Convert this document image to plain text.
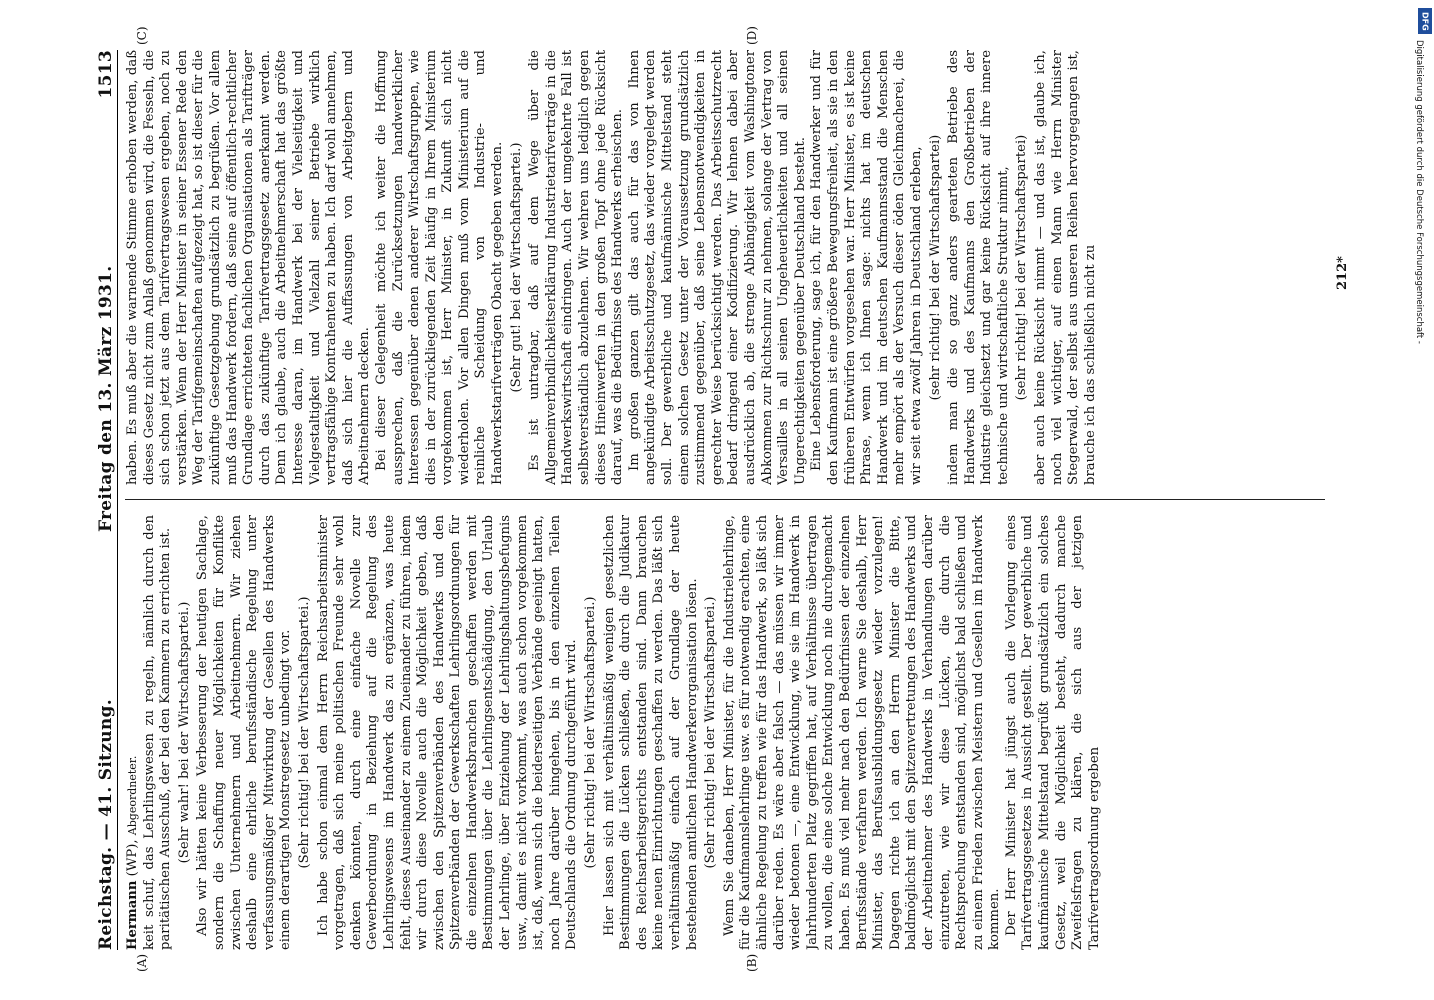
Reichstag. — 41. Sitzung.
Freitag den 13. März 1931.
1513

Hermann (WP), Abgeordneter. keit schuf, das Lehrlingswesen zu regeln, nämlich durch den paritätischen Ausschuß, der bei den Kammern zu errichten ist. (Sehr wahr! bei der Wirtschaftspartei.) Also wir hätten keine Verbesserung der heutigen Sachlage, sondern die Schaffung neuer Möglichkeiten für Konflikte zwischen Unternehmern und Arbeitnehmern. Wir ziehen deshalb eine ehrliche berufsständische Regelung unter verfassungsmäßiger Mitwirkung der Gesellen des Handwerks einem derartigen Monstregesetz unbedingt vor. (Sehr richtig! bei der Wirtschaftspartei.) Ich habe schon einmal dem Herrn Reichsarbeitsminister vorgetragen, daß sich meine politischen Freunde sehr wohl denken könnten, durch eine einfache Novelle zur Gewerbeordnung in Beziehung auf die Regelung des Lehrlingswesens im Handwerk das zu ergänzen, was heute fehlt, dieses Auseinander zu einem Zueinander zu führen, indem wir durch diese Novelle auch die Möglichkeit geben, daß zwischen den Spitzenverbänden des Handwerks und den Spitzenverbänden der Gewerkschaften Lehrlingsordnungen für die einzelnen Handwerksbranchen geschaffen werden mit Bestimmungen über die Lehrlingsentschädigung, den Urlaub der Lehrlinge, über Entziehung der Lehrlingshaltungsbefugnis usw., damit es nicht vorkommt, was auch schon vorgekommen ist, daß, wenn sich die beiderseitigen Verbände geeinigt hatten, noch Jahre darüber hingehen, bis in den einzelnen Teilen Deutschlands die Ordnung durchgeführt wird. (Sehr richtig! bei der Wirtschaftspartei.) Hier lassen sich mit verhältnismäßig wenigen gesetzlichen Bestimmungen die Lücken schließen, die durch die Judikatur des Reichsarbeitsgerichts entstanden sind. Dann brauchen keine neuen Einrichtungen geschaffen zu werden. Das läßt sich verhältnismäßig einfach auf der Grundlage der heute bestehenden amtlichen Handwerkerorganisation lösen. (Sehr richtig! bei der Wirtschaftspartei.) Wenn Sie daneben, Herr Minister, für die Industrielehrlinge, für die Kaufmannslehrlinge usw. es für notwendig erachten, eine ähnliche Regelung zu treffen wie für das Handwerk, so läßt sich darüber reden. Es wäre aber falsch — das müssen wir immer wieder betonen —, eine Entwicklung, wie sie im Handwerk in Jahrhunderten Platz gegriffen hat, auf Verhältnisse übertragen zu wollen, die eine solche Entwicklung noch nie durchgemacht haben. Es muß viel mehr nach den Bedürfnissen der einzelnen Berufsstände verfahren werden. Ich warne Sie deshalb, Herr Minister, das Berufsausbildungsgesetz wieder vorzulegen! Dagegen richte ich an den Herrn Minister die Bitte, baldmöglichst mit den Spitzenvertretungen des Handwerks und der Arbeitnehmer des Handwerks in Verhandlungen darüber einzutreten, wie wir diese Lücken, die durch die Rechtsprechung entstanden sind, möglichst bald schließen und zu einem Frieden zwischen Meistern und Gesellen im Handwerk kommen. Der Herr Minister hat jüngst auch die Vorlegung eines Tarifvertragsgesetzes in Aussicht gestellt. Der gewerbliche und kaufmännische Mittelstand begrüßt grundsätzlich ein solches Gesetz, weil die Möglichkeit besteht, dadurch manche Zweifelsfragen zu klären, die sich aus der jetzigen Tarifvertragsordnung ergeben

haben. Es muß aber die warnende Stimme erhoben werden, daß dieses Gesetz nicht zum Anlaß genommen wird, die Fesseln, die sich schon jetzt aus dem Tarifvertragswesen ergeben, noch zu verstärken. Wenn der Herr Minister in seiner Essener Rede den Weg der Tarifgemeinschaften aufgezeigt hat, so ist dieser für die zukünftige Gesetzgebung grundsätzlich zu begrüßen. Vor allem muß das Handwerk fordern, daß seine auf öffentlich-rechtlicher Grundlage errichteten fachlichen Organisationen als Tarifträger durch das zukünftige Tarifvertragsgesetz anerkannt werden. Denn ich glaube, auch die Arbeitnehmerschaft hat das größte Interesse daran, im Handwerk bei der Vielseitigkeit und Vielgestaltigkeit und Vielzahl seiner Betriebe wirklich vertragsfähige Kontrahenten zu haben. Ich darf wohl annehmen, daß sich hier die Auffassungen von Arbeitgebern und Arbeitnehmern decken. Bei dieser Gelegenheit möchte ich weiter die Hoffnung aussprechen, daß die Zurücksetzungen handwerklicher Interessen gegenüber denen anderer Wirtschaftsgruppen, wie dies in der zurückliegenden Zeit häufig in Ihrem Ministerium vorgekommen ist, Herr Minister, in Zukunft sich nicht wiederholen. Vor allen Dingen muß vom Ministerium auf die reinliche Scheidung von Industrie- und Handwerkstarifverträgen Obacht gegeben werden. (Sehr gut! bei der Wirtschaftspartei.) Es ist untragbar, daß auf dem Wege über die Allgemeinverbindlichkeitserklärung Industrietarifverträge in die Handwerkswirtschaft eindringen. Auch der umgekehrte Fall ist selbstverständlich abzulehnen. Wir wehren uns lediglich gegen dieses Hineinwerfen in den großen Topf ohne jede Rücksicht darauf, was die Bedürfnisse des Handwerks erheischen. Im großen ganzen gilt das auch für das von Ihnen angekündigte Arbeitsschutzgesetz, das wieder vorgelegt werden soll. Der gewerbliche und kaufmännische Mittelstand steht einem solchen Gesetz unter der Voraussetzung grundsätzlich zustimmend gegenüber, daß seine Lebensnotwendigkeiten in gerechter Weise berücksichtigt werden. Das Arbeitsschutzrecht bedarf dringend einer Kodifizierung. Wir lehnen dabei aber ausdrücklich ab, die strenge Abhängigkeit vom Washingtoner Abkommen zur Richtschnur zu nehmen, solange der Vertrag von Versailles in all seinen Ungeheuerlichkeiten und all seinen Ungerechtigkeiten gegenüber Deutschland besteht. Eine Lebensforderung, sage ich, für den Handwerker und für den Kaufmann ist eine größere Bewegungsfreiheit, als sie in den früheren Entwürfen vorgesehen war. Herr Minister, es ist keine Phrase, wenn ich Ihnen sage: nichts hat im deutschen Handwerk und im deutschen Kaufmannsstand die Menschen mehr empört als der Versuch dieser öden Gleichmacherei, die wir seit etwa zwölf Jahren in Deutschland erleben, (sehr richtig! bei der Wirtschaftspartei) indem man die so ganz anders gearteten Betriebe des Handwerks und des Kaufmanns den Großbetrieben der Industrie gleichsetzt und gar keine Rücksicht auf ihre innere technische und wirtschaftliche Struktur nimmt, (sehr richtig! bei der Wirtschaftspartei) aber auch keine Rücksicht nimmt — und das ist, glaube ich, noch viel wichtiger, auf einen Mann wie Herrn Minister Stegerwald, der selbst aus unseren Reihen hervorgegangen ist, brauche ich das schließlich nicht zu

(A)	(B)
(C)	(D)
212*
DFG
Digitalisierung gefördert durch die Deutsche Forschungsgemeinschaft -
